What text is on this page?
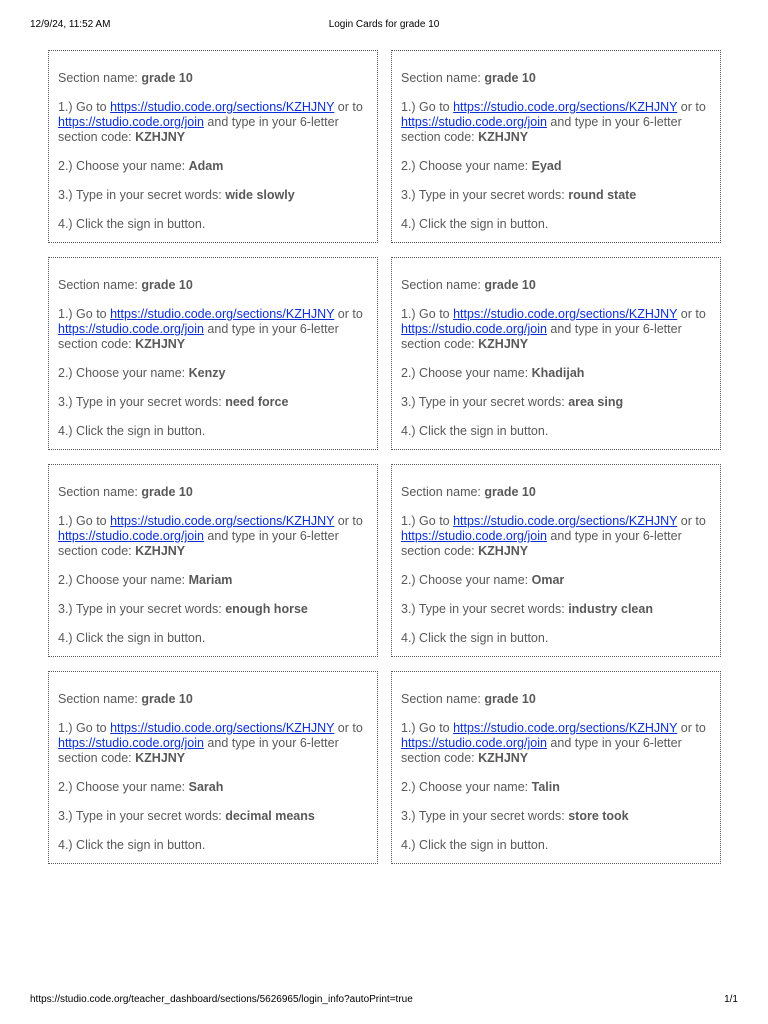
12/9/24, 11:52 AM	Login Cards for grade 10

Section name: grade 10

1.) Go to https://studio.code.org/sections/KZHJNY or to https://studio.code.org/join and type in your 6-letter section code: KZHJNY

2.) Choose your name: Adam

3.) Type in your secret words: wide slowly

4.) Click the sign in button.

Section name: grade 10

1.) Go to https://studio.code.org/sections/KZHJNY or to https://studio.code.org/join and type in your 6-letter section code: KZHJNY

2.) Choose your name: Eyad

3.) Type in your secret words: round state

4.) Click the sign in button.

Section name: grade 10

1.) Go to https://studio.code.org/sections/KZHJNY or to https://studio.code.org/join and type in your 6-letter section code: KZHJNY

2.) Choose your name: Kenzy

3.) Type in your secret words: need force

4.) Click the sign in button.

Section name: grade 10

1.) Go to https://studio.code.org/sections/KZHJNY or to https://studio.code.org/join and type in your 6-letter section code: KZHJNY

2.) Choose your name: Khadijah

3.) Type in your secret words: area sing

4.) Click the sign in button.

Section name: grade 10

1.) Go to https://studio.code.org/sections/KZHJNY or to https://studio.code.org/join and type in your 6-letter section code: KZHJNY

2.) Choose your name: Mariam

3.) Type in your secret words: enough horse

4.) Click the sign in button.

Section name: grade 10

1.) Go to https://studio.code.org/sections/KZHJNY or to https://studio.code.org/join and type in your 6-letter section code: KZHJNY

2.) Choose your name: Omar

3.) Type in your secret words: industry clean

4.) Click the sign in button.

Section name: grade 10

1.) Go to https://studio.code.org/sections/KZHJNY or to https://studio.code.org/join and type in your 6-letter section code: KZHJNY

2.) Choose your name: Sarah

3.) Type in your secret words: decimal means

4.) Click the sign in button.

Section name: grade 10

1.) Go to https://studio.code.org/sections/KZHJNY or to https://studio.code.org/join and type in your 6-letter section code: KZHJNY

2.) Choose your name: Talin

3.) Type in your secret words: store took

4.) Click the sign in button.

https://studio.code.org/teacher_dashboard/sections/5626965/login_info?autoPrint=true	1/1
